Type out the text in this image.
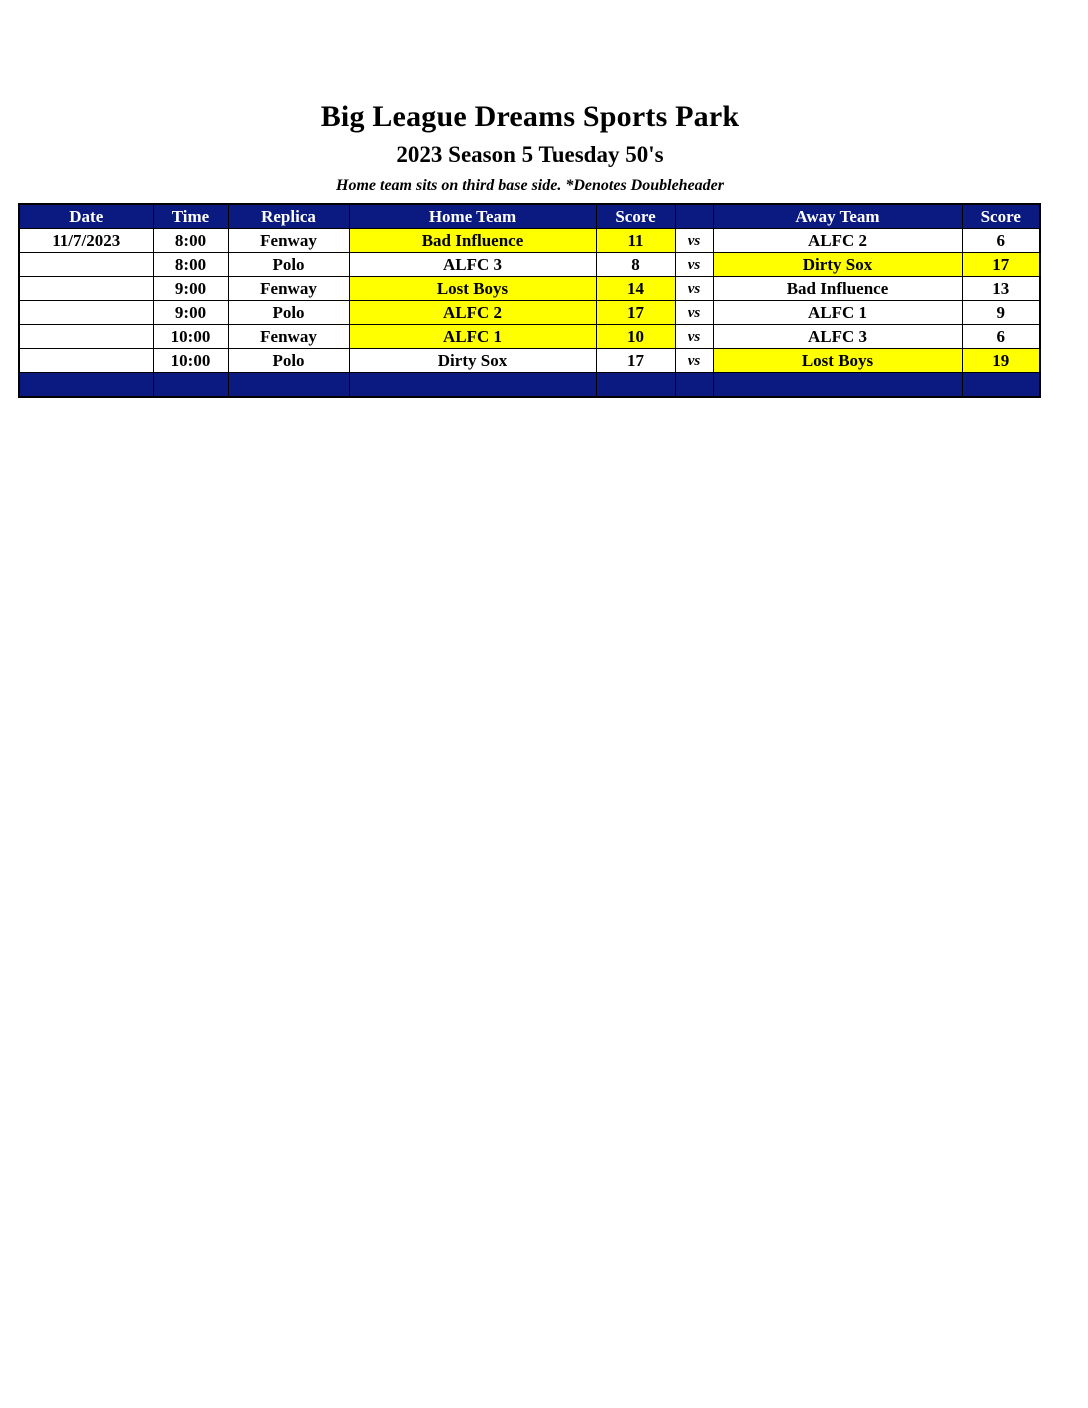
Big League Dreams Sports Park
2023 Season 5 Tuesday 50's
Home team sits on third base side. *Denotes Doubleheader
Date	Time	Replica	Home Team	Score		Away Team	Score
11/7/2023	8:00	Fenway	Bad Influence	11	vs	ALFC 2	6
	8:00	Polo	ALFC 3	8	vs	Dirty Sox	17
	9:00	Fenway	Lost Boys	14	vs	Bad Influence	13
	9:00	Polo	ALFC 2	17	vs	ALFC 1	9
	10:00	Fenway	ALFC 1	10	vs	ALFC 3	6
	10:00	Polo	Dirty Sox	17	vs	Lost Boys	19
